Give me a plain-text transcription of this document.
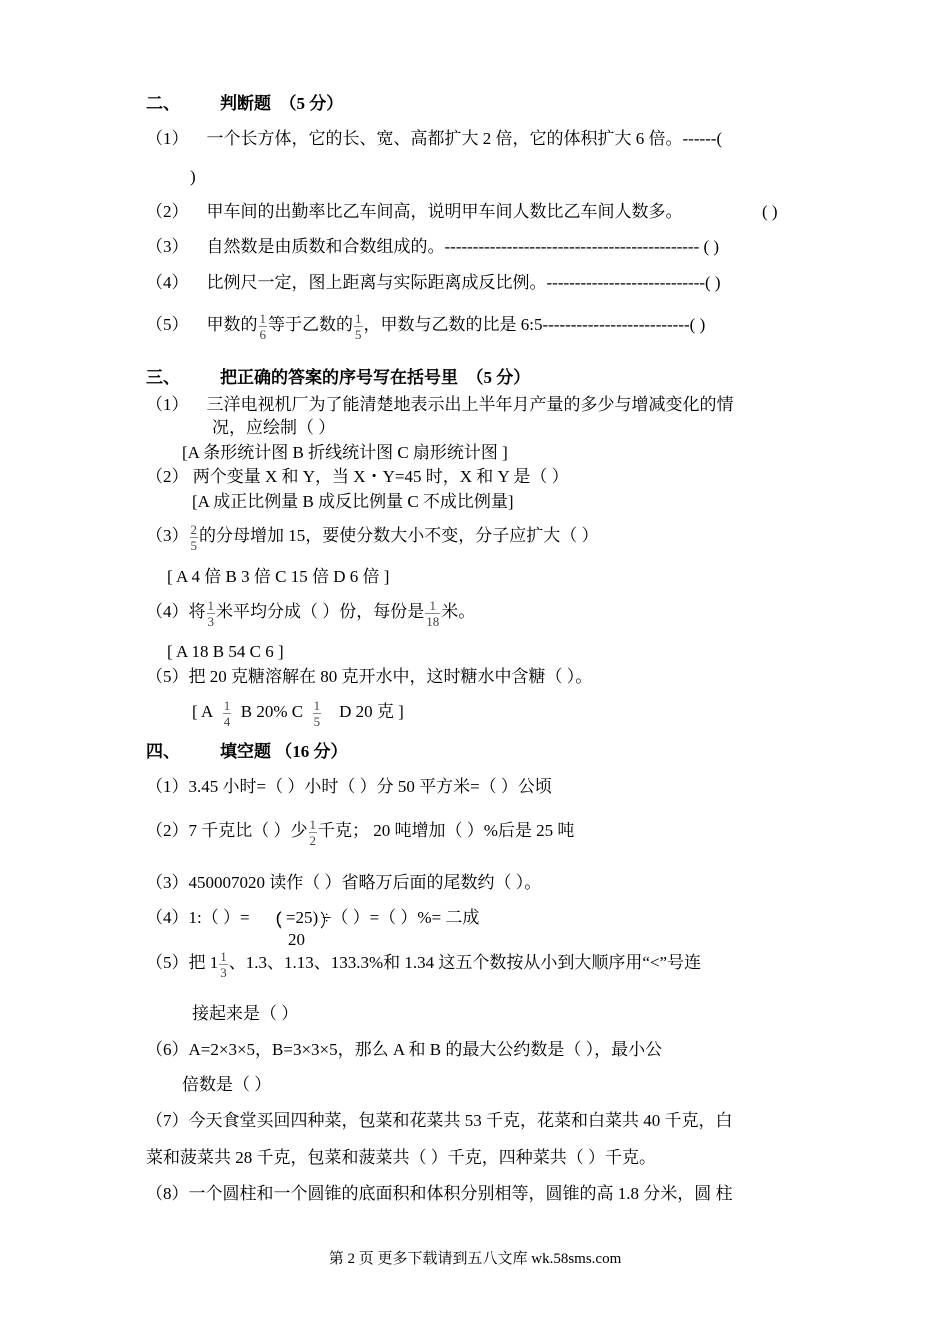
二、 判断题 （5 分）
（1） 一个长方体，它的长、宽、高都扩大 2 倍，它的体积扩大 6 倍。------(
)
（2） 甲车间的出勤率比乙车间高，说明甲车间人数比乙车间人数多。	( )
（3） 自然数是由质数和合数组成的。--------------------------------------------- ( )
（4） 比例尺一定，图上距离与实际距离成反比例。----------------------------( )
（5） 甲数的 $\frac{1}{6}$ 等于乙数的 $\frac{1}{5}$ ，甲数与乙数的比是 6:5--------------------------( )
三、 把正确的答案的序号写在括号里 （5 分）
（1） 三洋电视机厂为了能清楚地表示出上半年月产量的多少与增减变化的情
况，应绘制（ ）
[A 条形统计图 B 折线统计图 C 扇形统计图 ]
（2） 两个变量 X 和 Y，当 X・Y=45 时，X 和 Y 是（ ）
[A 成正比例量 B 成反比例量 C 不成比例量]
$(3) \frac{2}{5}$ 的分母增加 15，要使分数大小不变，分子应扩大（ ）
[ A 4 倍 B 3 倍 C 15 倍 D 6 倍 ]
（4）将 $\frac{1}{3}$ 米平均分成（ ）份，每份是 $\frac{1}{18}$ 米。
[ A 18 B 54 C 6 ]
（5）把 20 克糖溶解在 80 克开水中，这时糖水中含糖（ ）。
[ A $\frac{1}{4}$ B 20% C $\frac{1}{5}$ D 20 克 ]
四、 填空题 （16 分）
（1）3.45 小时=（ ）小时（ ）分 50 平方米=（ ）公顷
（2）7 千克比（ ）少 $\frac{1}{2}$ 千克； 20 吨增加（ ）%后是 25 吨
（3）450007020 读作（ ）省略万后面的尾数约（ ）。
（4）1:（ ）= ( =25)
20
÷（ ）=（ ）%= 二成
（5）把 $1 \frac{1}{3}$ 、1.3、1.13、133.3%和 1.34 这五个数按从小到大顺序用“<”号连
接起来是（ ）
（6）A=2×3×5，B=3×3×5，那么 A 和 B 的最大公约数是（ ），最小公
倍数是（ ）
（7）今天食堂买回四种菜，包菜和花菜共 53 千克，花菜和白菜共 40 千克，白
菜和菠菜共 28 千克，包菜和菠菜共（ ）千克，四种菜共（ ）千克。
（8）一个圆柱和一个圆锥的底面积和体积分别相等，圆锥的高 1.8 分米，圆 柱
第 2 页 更多下载请到五八文库 wk.58sms.com
